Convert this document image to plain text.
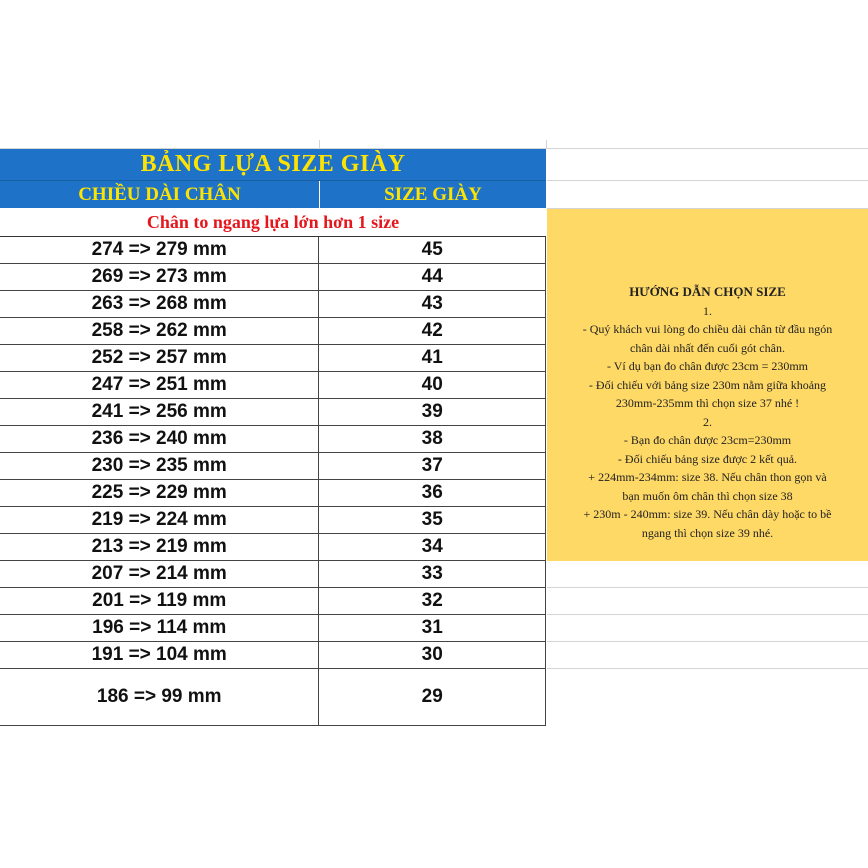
BẢNG LỰA SIZE GIÀY
CHIỀU DÀI CHÂN	SIZE GIÀY
Chân to ngang lựa lớn hơn 1 size
274 => 279 mm	45
269 => 273 mm	44
263 => 268 mm	43
258 => 262 mm	42
252 => 257 mm	41
247 => 251 mm	40
241 => 256 mm	39
236 => 240 mm	38
230 => 235 mm	37
225 => 229 mm	36
219 => 224 mm	35
213 => 219 mm	34
207 => 214 mm	33
201 => 119 mm	32
196 => 114 mm	31
191 => 104 mm	30
186 => 99 mm	29
HƯỚNG DẪN CHỌN SIZE
1.
- Quý khách vui lòng đo chiều dài chân từ đầu ngón
chân dài nhất đến cuối gót chân.
- Ví dụ bạn đo chân được 23cm = 230mm
- Đối chiếu với bảng size 230m nằm giữa khoảng
230mm-235mm thì chọn size 37 nhé !
2.
- Bạn đo chân được 23cm=230mm
- Đối chiếu bảng size được 2 kết quả.
+ 224mm-234mm: size 38. Nếu chân thon gọn và
bạn muốn ôm chân thì chọn size 38
+ 230m - 240mm: size 39. Nếu chân dày hoặc to bề
ngang thì chọn size 39 nhé.
